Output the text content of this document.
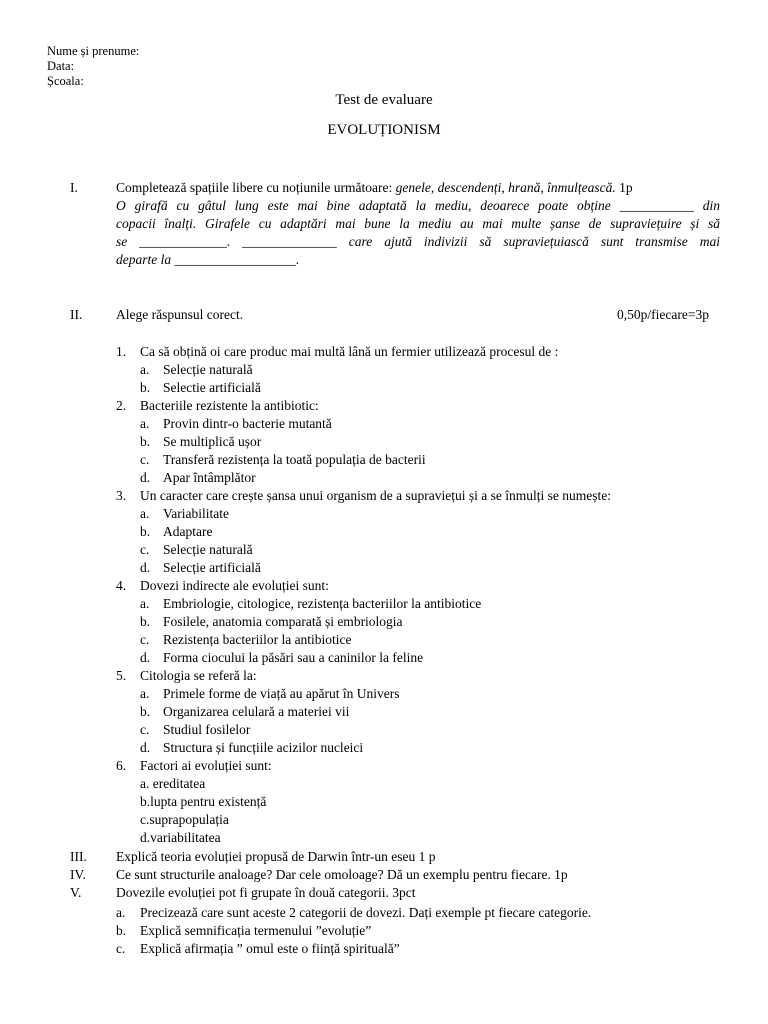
Nume și prenume:
Data:
Școala:
Test de evaluare
EVOLUȚIONISM
I.	Completează spațiile libere cu noțiunile următoare: genele, descendenți, hrană, înmulțească. 1p
O girafă cu gâtul lung este mai bine adaptată la mediu, deoarece poate obține ___________ din
copacii înalți. Girafele cu adaptări mai bune la mediu au mai multe șanse de supraviețuire și să
se _____________. ______________ care ajută indivizii să supraviețuiască sunt transmise mai
departe la __________________.
II. Alege răspunsul corect.	0,50p/fiecare=3p
1. Ca să obțină oi care produc mai multă lână un fermier utilizează procesul de :
a. Selecție naturală
b. Selectie artificială
2. Bacteriile rezistente la antibiotic:
a. Provin dintr-o bacterie mutantă
b. Se multiplică ușor
c. Transferă rezistența la toată populația de bacterii
d. Apar întâmplător
3. Un caracter care crește șansa unui organism de a supraviețui și a se înmulți se numește:
a. Variabilitate
b. Adaptare
c. Selecție naturală
d. Selecție artificială
4. Dovezi indirecte ale evoluției sunt:
a. Embriologie, citologice, rezistența bacteriilor la antibiotice
b. Fosilele, anatomia comparată și embriologia
c. Rezistența bacteriilor la antibiotice
d. Forma ciocului la păsări sau a caninilor la feline
5. Citologia se referă la:
a. Primele forme de viață au apărut în Univers
b. Organizarea celulară a materiei vii
c. Studiul fosilelor
d. Structura și funcțiile acizilor nucleici
6. Factori ai evoluției sunt:
a. ereditatea
b.lupta pentru existență
c.suprapopulația
d.variabilitatea
III. Explică teoria evoluției propusă de Darwin într-un eseu 1 p
IV. Ce sunt structurile analoage? Dar cele omoloage? Dă un exemplu pentru fiecare. 1p
V.	Dovezile evoluției pot fi grupate în două categorii. 3pct
a. Precizează care sunt aceste 2 categorii de dovezi. Dați exemple pt fiecare categorie.
b. Explică semnificația termenului ”evoluție”
c. Explică afirmația ” omul este o ființă spirituală”
